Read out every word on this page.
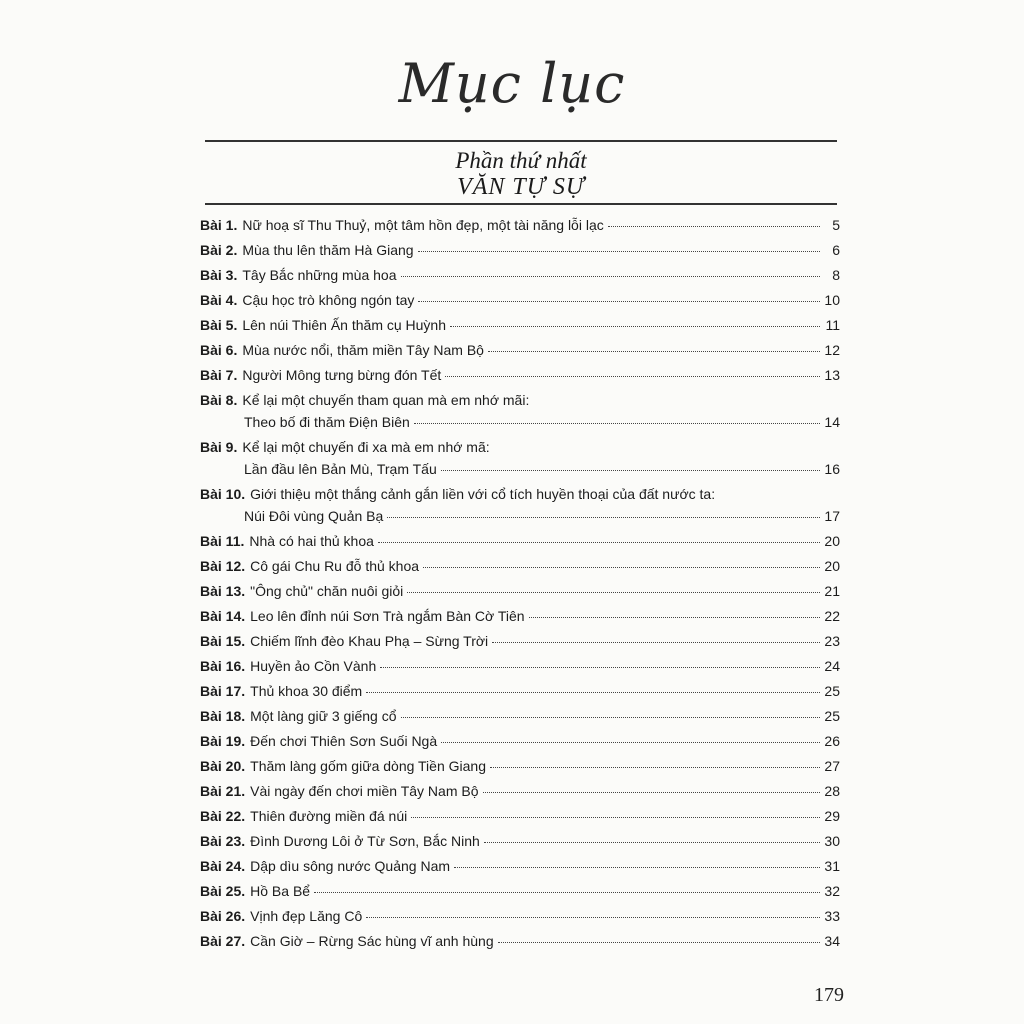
Mục lục
Phần thứ nhất
VĂN TỰ SỰ
Bài 1. Nữ hoạ sĩ Thu Thuỷ, một tâm hồn đẹp, một tài năng lỗi lạc	5
Bài 2. Mùa thu lên thăm Hà Giang	6
Bài 3. Tây Bắc những mùa hoa	8
Bài 4. Cậu học trò không ngón tay	10
Bài 5. Lên núi Thiên Ấn thăm cụ Huỳnh	11
Bài 6. Mùa nước nổi, thăm miền Tây Nam Bộ	12
Bài 7. Người Mông tưng bừng đón Tết	13
Bài 8. Kể lại một chuyến tham quan mà em nhớ mãi:
Theo bố đi thăm Điện Biên	14
Bài 9. Kể lại một chuyến đi xa mà em nhớ mã:
Lần đầu lên Bản Mù, Trạm Tấu	16
Bài 10. Giới thiệu một thắng cảnh gắn liền với cổ tích huyền thoại của đất nước ta:
Núi Đôi vùng Quản Bạ	17
Bài 11. Nhà có hai thủ khoa	20
Bài 12. Cô gái Chu Ru đỗ thủ khoa	20
Bài 13. "Ông chủ" chăn nuôi giỏi	21
Bài 14. Leo lên đỉnh núi Sơn Trà ngắm Bàn Cờ Tiên	22
Bài 15. Chiếm lĩnh đèo Khau Phạ – Sừng Trời	23
Bài 16. Huyền ảo Cồn Vành	24
Bài 17. Thủ khoa 30 điểm	25
Bài 18. Một làng giữ 3 giếng cổ	25
Bài 19. Đến chơi Thiên Sơn Suối Ngà	26
Bài 20. Thăm làng gốm giữa dòng Tiền Giang	27
Bài 21. Vài ngày đến chơi miền Tây Nam Bộ	28
Bài 22. Thiên đường miền đá núi	29
Bài 23. Đình Dương Lôi ở Từ Sơn, Bắc Ninh	30
Bài 24. Dập dìu sông nước Quảng Nam	31
Bài 25. Hồ Ba Bể	32
Bài 26. Vịnh đẹp Lăng Cô	33
Bài 27. Cần Giờ – Rừng Sác hùng vĩ anh hùng	34
179
